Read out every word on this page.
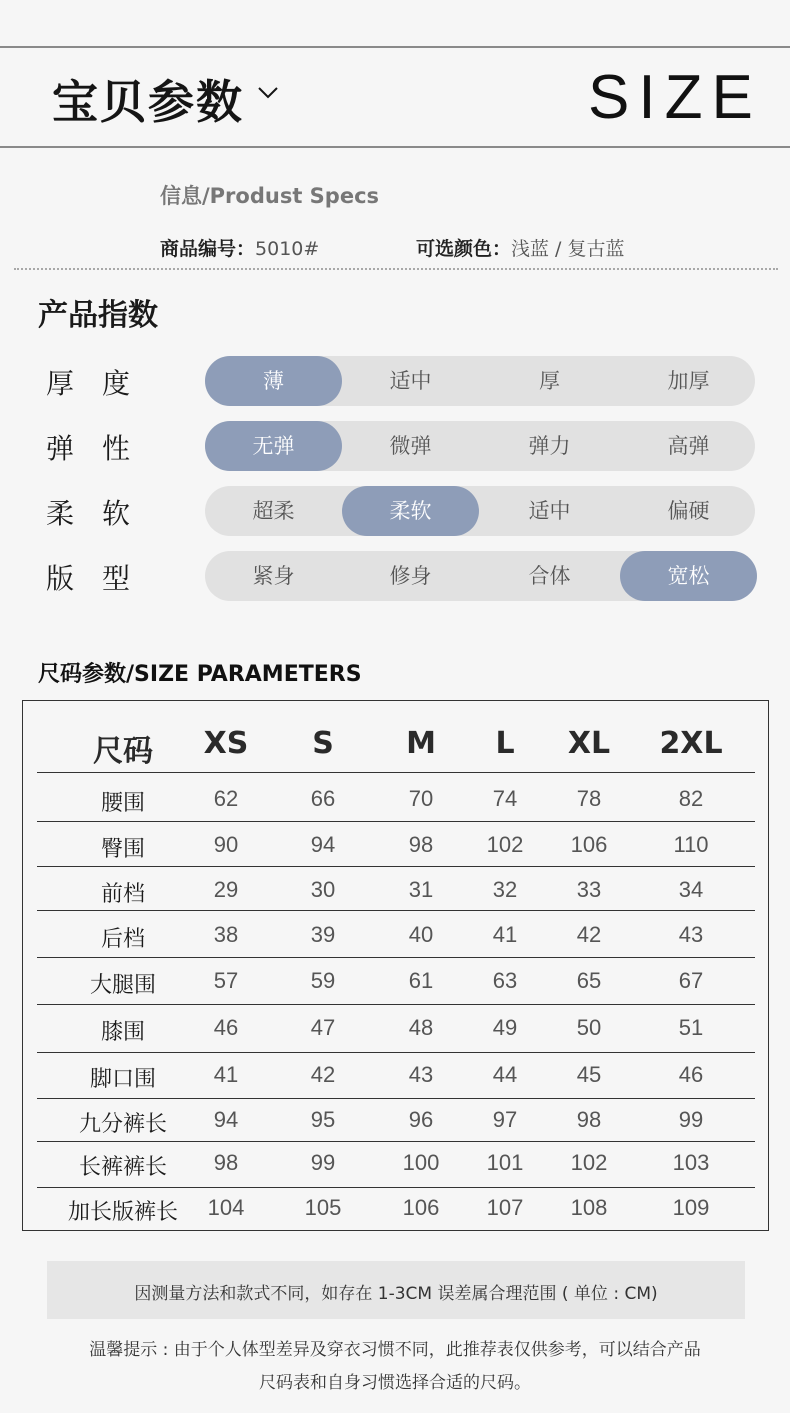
宝贝参数	SIZE
信息/Produst Specs
商品编号：5010#	可选颜色：浅蓝 / 复古蓝
产品指数
厚度	薄	适中	厚	加厚
弹性	无弹	微弹	弹力	高弹
柔软	超柔	柔软	适中	偏硬
版型	紧身	修身	合体	宽松
尺码参数/SIZE PARAMETERS
尺码 XS S M L XL 2XL
腰围	62	66	70	74	78	82
臀围	90	94	98 102 106	110
前档	29	30	31	32	33	34
后档	38	39	40	41	42	43
大腿围	57	59	61	63	65	67
膝围	46	47	48	49	50	51
脚口围	41	42	43	44	45	46
九分裤长 94	95	96	97	98	99
长裤裤长 98	99	100 101 102	103
加长版裤长 104	105	106 107 108	109
因测量方法和款式不同，如存在 1-3CM 误差属合理范围 ( 单位 : CM)
温馨提示 : 由于个人体型差异及穿衣习惯不同，此推荐表仅供参考，可以结合产品
尺码表和自身习惯选择合适的尺码。
